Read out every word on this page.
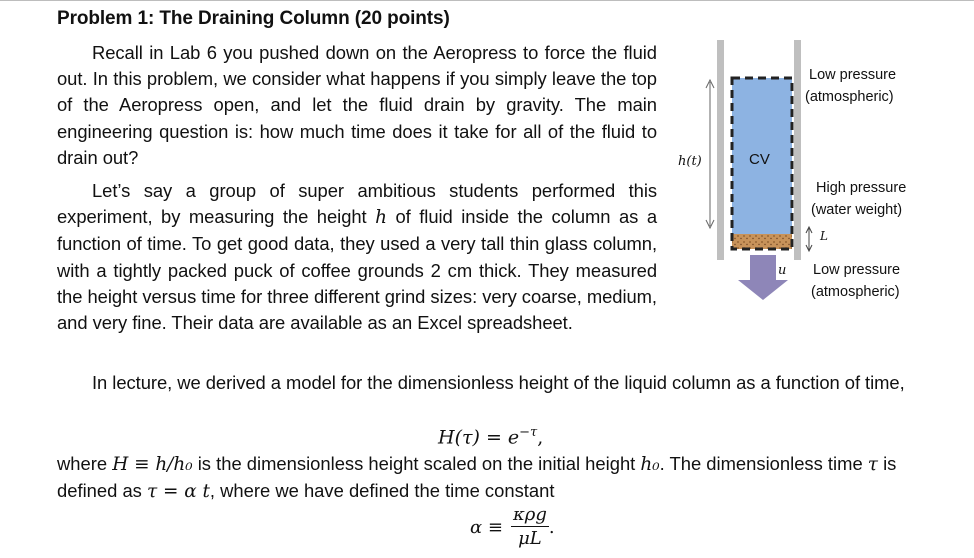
Problem 1: The Draining Column (20 points)
Recall in Lab 6 you pushed down on the Aeropress to force the fluid out. In this problem, we consider what happens if you simply leave the top of the Aeropress open, and let the fluid drain by gravity. The main engineering question is: how much time does it take for all of the fluid to drain out?
Let’s say a group of super ambitious students performed this experiment, by measuring the height h of fluid inside the column as a function of time. To get good data, they used a very tall thin glass column, with a tightly packed puck of coffee grounds 2 cm thick. They measured the height versus time for three different grind sizes: very coarse, medium, and very fine. Their data are available as an Excel spreadsheet.
In lecture, we derived a model for the dimensionless height of the liquid column as a function of time,
$H(\tau) = e^{-\tau}$,
where H ≡ h/h₀ is the dimensionless height scaled on the initial height h₀. The dimensionless time τ is defined as τ = α t, where we have defined the time constant
$\alpha \equiv \frac{\text{κρg}}{\mu L}$ .
h(t)	CV
Low pressure
(atmospheric)
High pressure
(water weight)
L
u Low pressure
(atmospheric)
